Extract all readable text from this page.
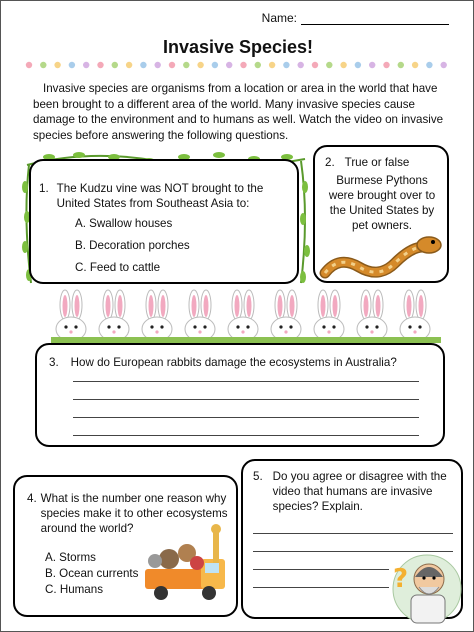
Name:
Invasive Species!

Invasive species are organisms from a location or area in the world that have been brought to a different area of the world. Many invasive species cause damage to the environment and to humans as well. Watch the video on invasive species before answering the following questions.

1. The Kudzu vine was NOT brought to the United States from Southeast Asia to:
A. Swallow houses
B. Decoration porches
C. Feed to cattle
2. True or false
Burmese Pythons were brought over to the United States by pet owners.
3. How do European rabbits damage the ecosystems in Australia?
4. What is the number one reason why species make it to other ecosystems around the world?
A. Storms
B. Ocean currents
C. Humans
5. Do you agree or disagree with the video that humans are invasive species? Explain.
?
